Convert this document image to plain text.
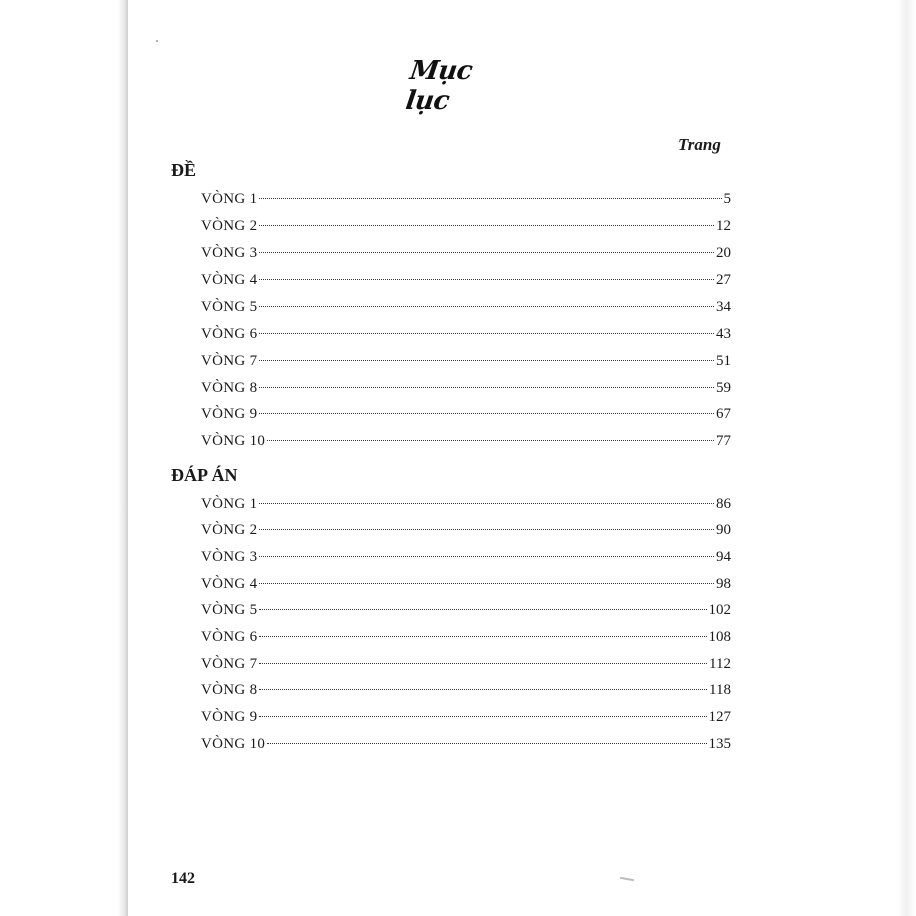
Mục lục
Trang
ĐỀ
VÒNG 1	5
VÒNG 2	12
VÒNG 3	20
VÒNG 4	27
VÒNG 5	34
VÒNG 6	43
VÒNG 7	51
VÒNG 8	59
VÒNG 9	67
VÒNG 10	77
ĐÁP ÁN
VÒNG 1	86
VÒNG 2	90
VÒNG 3	94
VÒNG 4	98
VÒNG 5	102
VÒNG 6	108
VÒNG 7	112
VÒNG 8	118
VÒNG 9	127
VÒNG 10	135
142
